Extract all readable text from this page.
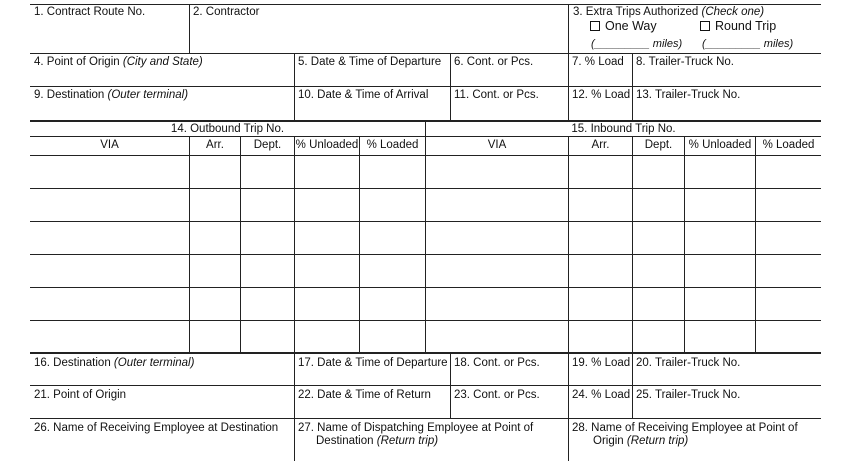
1. Contract Route No.	2. Contractor	3. Extra Trips Authorized (Check one)
One Way	Round Trip
(_________ miles) (_________ miles)
4. Point of Origin (City and State)	5. Date & Time of Departure 6. Cont. or Pcs.	7. % Load 8. Trailer-Truck No.
9. Destination (Outer terminal)	10. Date & Time of Arrival 11. Cont. or Pcs.	12. % Load 13. Trailer-Truck No.
14. Outbound Trip No.	15. Inbound Trip No.
VIA	Arr.	Dept.	% Unloaded % Loaded	VIA	Arr.	Dept.	% Unloaded % Loaded
16. Destination (Outer terminal)	17. Date & Time of Departure 18. Cont. or Pcs.	19. % Load 20. Trailer-Truck No.
21. Point of Origin	22. Date & Time of Return 23. Cont. or Pcs.	24. % Load 25. Trailer-Truck No.
26. Name of Receiving Employee at Destination 27. Name of Dispatching Employee at Point of
Destination (Return trip)
28. Name of Receiving Employee at Point of
Origin (Return trip)
